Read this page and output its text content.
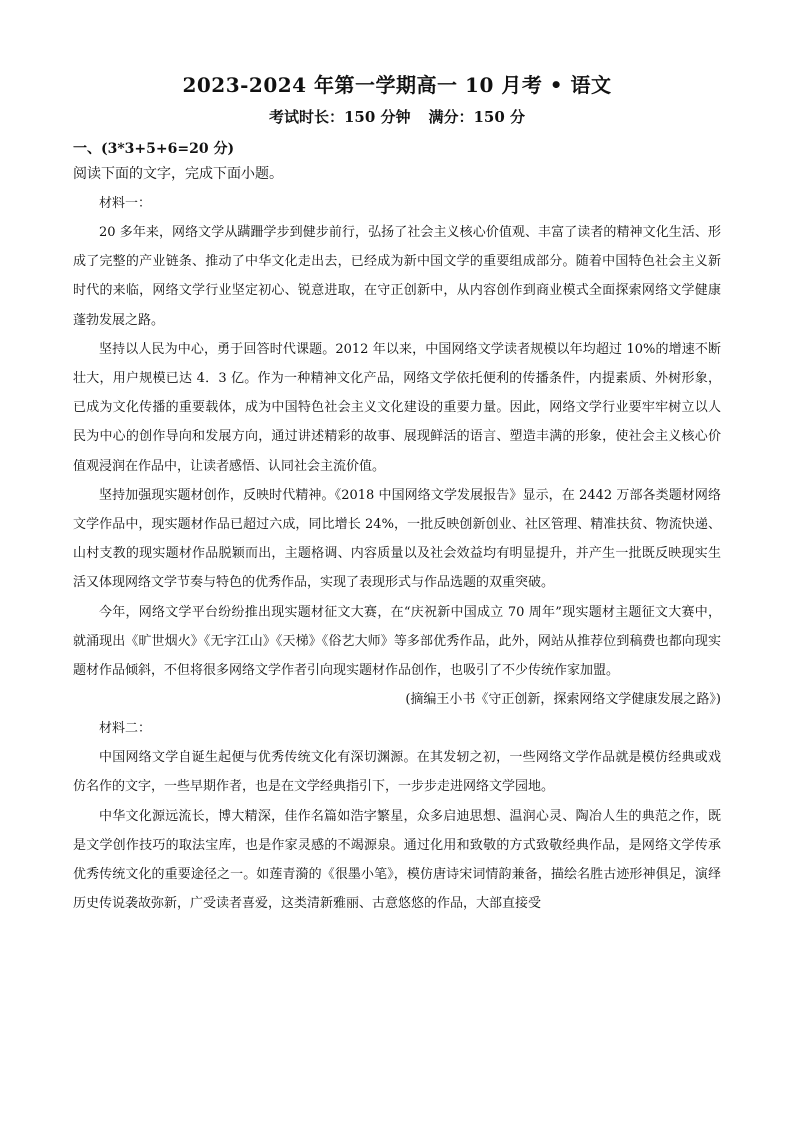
2023-2024 年第一学期高一 10 月考 • 语文
考试时长：150 分钟 满分：150 分
一、(3*3+5+6=20 分)
阅读下面的文字，完成下面小题。
材料一：

20 多年来，网络文学从蹒跚学步到健步前行，弘扬了社会主义核心价值观、丰富了读者的精神文化生活、形成了完整的产业链条、推动了中华文化走出去，已经成为新中国文学的重要组成部分。随着中国特色社会主义新时代的来临，网络文学行业坚定初心、锐意进取，在守正创新中，从内容创作到商业模式全面探索网络文学健康蓬勃发展之路。

坚持以人民为中心，勇于回答时代课题。2012 年以来，中国网络文学读者规模以年均超过 10%的增速不断壮大，用户规模已达 4．3 亿。作为一种精神文化产品，网络文学依托便利的传播条件，内提素质、外树形象，已成为文化传播的重要载体，成为中国特色社会主义文化建设的重要力量。因此，网络文学行业要牢牢树立以人民为中心的创作导向和发展方向，通过讲述精彩的故事、展现鲜活的语言、塑造丰满的形象，使社会主义核心价值观浸润在作品中，让读者感悟、认同社会主流价值。

坚持加强现实题材创作，反映时代精神。《2018 中国网络文学发展报告》显示，在 2442 万部各类题材网络文学作品中，现实题材作品已超过六成，同比增长 24%，一批反映创新创业、社区管理、精准扶贫、物流快递、山村支教的现实题材作品脱颖而出，主题格调、内容质量以及社会效益均有明显提升，并产生一批既反映现实生活又体现网络文学节奏与特色的优秀作品，实现了表现形式与作品选题的双重突破。

今年，网络文学平台纷纷推出现实题材征文大赛，在“庆祝新中国成立 70 周年”现实题材主题征文大赛中，就涌现出《旷世烟火》《无字江山》《天梯》《俗艺大师》等多部优秀作品，此外，网站从推荐位到稿费也都向现实题材作品倾斜，不但将很多网络文学作者引向现实题材作品创作，也吸引了不少传统作家加盟。

(摘编王小书《守正创新，探索网络文学健康发展之路》)
材料二：

中国网络文学自诞生起便与优秀传统文化有深切渊源。在其发轫之初，一些网络文学作品就是模仿经典或戏仿名作的文字，一些早期作者，也是在文学经典指引下，一步步走进网络文学园地。

中华文化源远流长，博大精深，佳作名篇如浩字繁星，众多启迪思想、温润心灵、陶冶人生的典范之作，既是文学创作技巧的取法宝库，也是作家灵感的不竭源泉。通过化用和致敬的方式致敬经典作品，是网络文学传承优秀传统文化的重要途径之一。如莲青漪的《很墨小笔》，模仿唐诗宋词情韵兼备，描绘名胜古迹形神俱足，演绎历史传说袭故弥新，广受读者喜爱，这类清新雅丽、古意悠悠的作品，大部直接受
